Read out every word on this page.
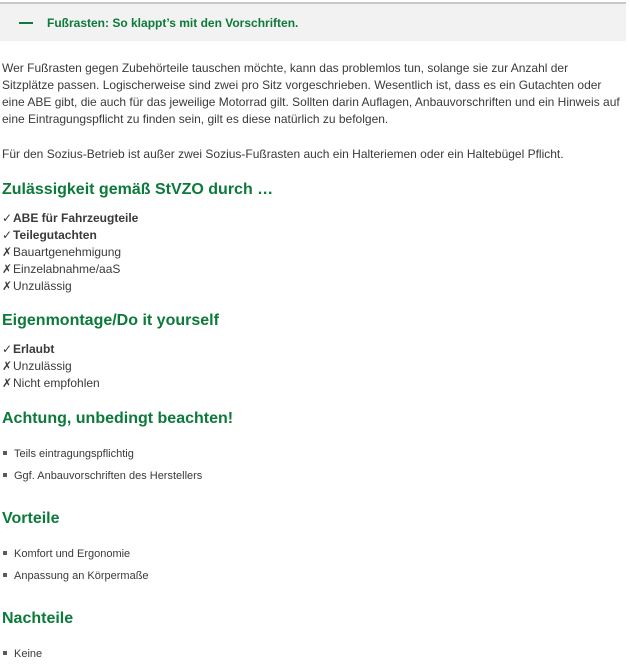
Fußrasten: So klappt’s mit den Vorschriften.

Wer Fußrasten gegen Zubehörteile tauschen möchte, kann das problemlos tun, solange sie zur Anzahl der Sitzplätze passen. Logischerweise sind zwei pro Sitz vorgeschrieben. Wesentlich ist, dass es ein Gutachten oder eine ABE gibt, die auch für das jeweilige Motorrad gilt. Sollten darin Auflagen, Anbauvorschriften und ein Hinweis auf eine Eintragungspflicht zu finden sein, gilt es diese natürlich zu befolgen.

Für den Sozius-Betrieb ist außer zwei Sozius-Fußrasten auch ein Halteriemen oder ein Haltebügel Pflicht.

Zulässigkeit gemäß StVZO durch …
✓ABE für Fahrzeugteile
✓Teilegutachten
✗Bauartgenehmigung
✗Einzelabnahme/aaS
✗Unzulässig
Eigenmontage/Do it yourself
✓Erlaubt
✗Unzulässig
✗Nicht empfohlen
Achtung, unbedingt beachten!
Teils eintragungspflichtig
Ggf. Anbauvorschriften des Herstellers
Vorteile
Komfort und Ergonomie
Anpassung an Körpermaße
Nachteile
Keine
